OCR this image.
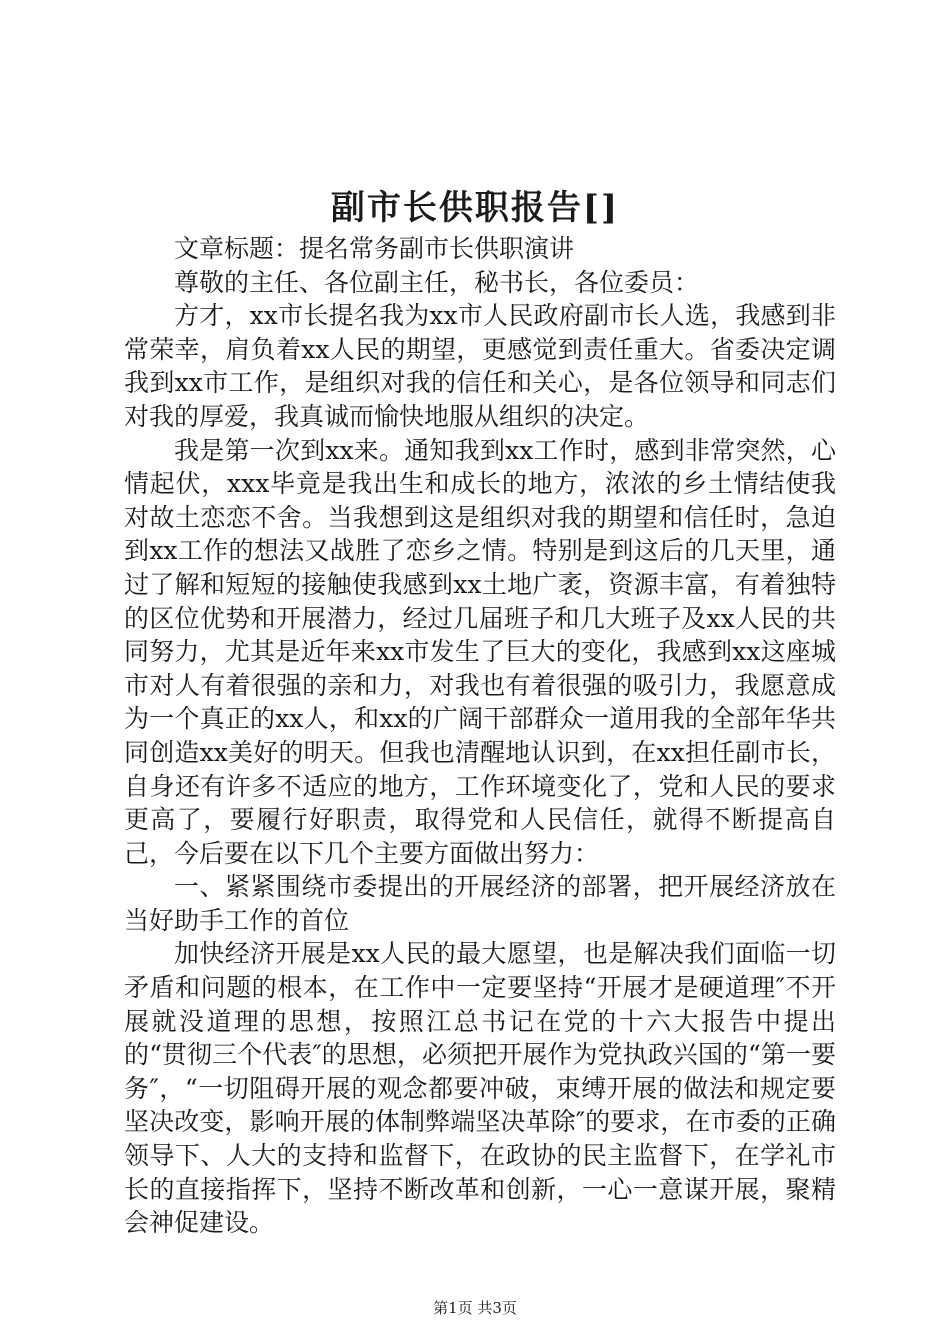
副市长供职报告[]

文章标题：提名常务副市长供职演讲

尊敬的主任、各位副主任，秘书长，各位委员：

方才，xx市长提名我为xx市人民政府副市长人选，我感到非常荣幸，肩负着xx人民的期望，更感觉到责任重大。省委决定调我到xx市工作，是组织对我的信任和关心，是各位领导和同志们对我的厚爱，我真诚而愉快地服从组织的决定。

我是第一次到xx来。通知我到xx工作时，感到非常突然，心情起伏，xxx毕竟是我出生和成长的地方，浓浓的乡土情结使我对故土恋恋不舍。当我想到这是组织对我的期望和信任时，急迫到xx工作的想法又战胜了恋乡之情。特别是到这后的几天里，通过了解和短短的接触使我感到xx土地广袤，资源丰富，有着独特的区位优势和开展潜力，经过几届班子和几大班子及xx人民的共同努力，尤其是近年来xx市发生了巨大的变化，我感到xx这座城市对人有着很强的亲和力，对我也有着很强的吸引力，我愿意成为一个真正的xx人，和xx的广阔干部群众一道用我的全部年华共同创造xx美好的明天。但我也清醒地认识到，在xx担任副市长，自身还有许多不适应的地方，工作环境变化了，党和人民的要求更高了，要履行好职责，取得党和人民信任，就得不断提高自己，今后要在以下几个主要方面做出努力：

一、紧紧围绕市委提出的开展经济的部署，把开展经济放在当好助手工作的首位

加快经济开展是xx人民的最大愿望，也是解决我们面临一切矛盾和问题的根本，在工作中一定要坚持“开展才是硬道理″不开展就没道理的思想，按照江总书记在党的十六大报告中提出的“贯彻三个代表″的思想，必须把开展作为党执政兴国的“第一要务″，“一切阻碍开展的观念都要冲破，束缚开展的做法和规定要坚决改变，影响开展的体制弊端坚决革除″的要求，在市委的正确领导下、人大的支持和监督下，在政协的民主监督下，在学礼市长的直接指挥下，坚持不断改革和创新，一心一意谋开展，聚精会神促建设。

第1页 共3页
